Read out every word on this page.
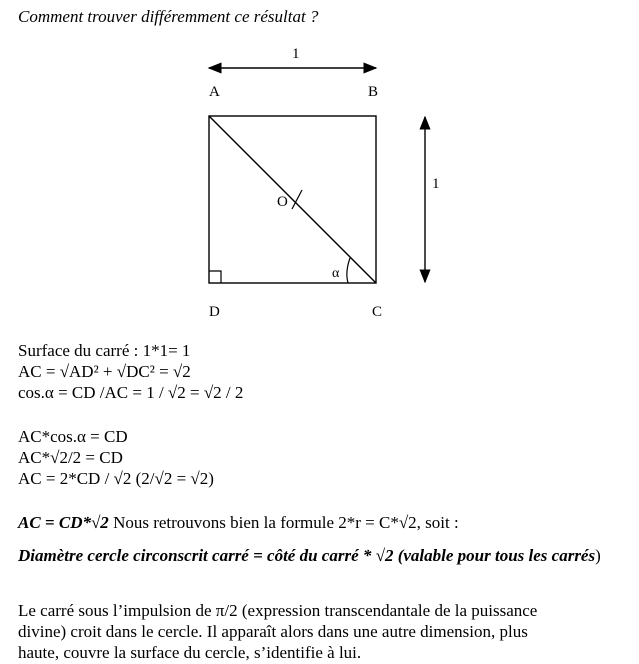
Comment trouver différemment ce résultat ?
1
1
A	B
D	C
O
α
Surface du carré : 1*1= 1
AC = √AD² + √DC² = √2
cos.α = CD /AC = 1 / √2 = √2 / 2
AC*cos.α = CD
AC*√2/2 = CD
AC = 2*CD / √2 (2/√2 = √2)
AC = CD*√2 Nous retrouvons bien la formule 2*r = C*√2, soit :
Diamètre cercle circonscrit carré = côté du carré * √2 (valable pour tous les carrés)
Le carré sous l’impulsion de π/2 (expression transcendantale de la puissance
divine) croit dans le cercle. Il apparaît alors dans une autre dimension, plus
haute, couvre la surface du cercle, s’identifie à lui.
